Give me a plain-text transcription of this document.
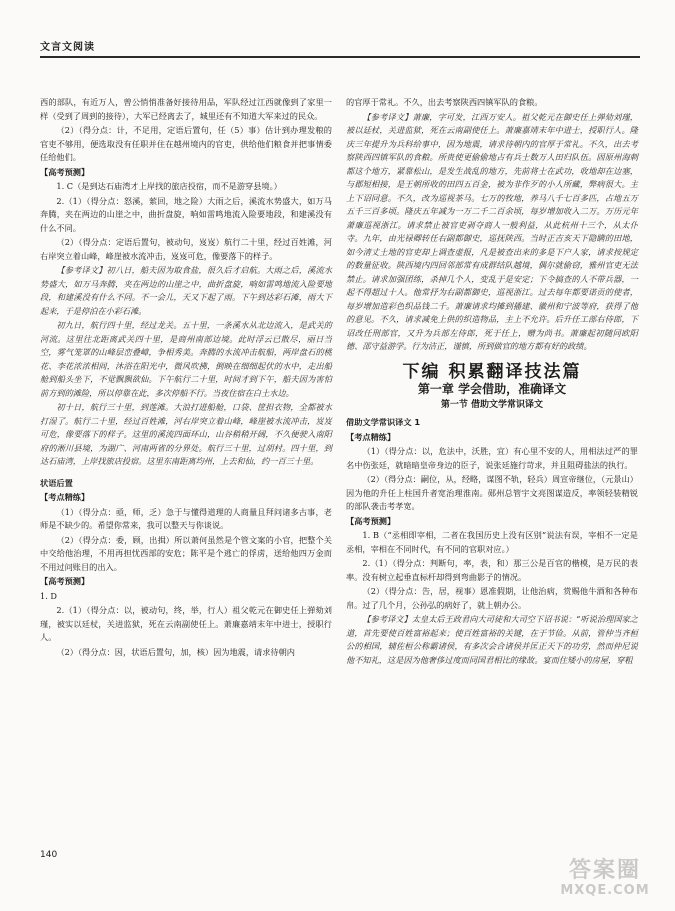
文言文阅读

西的部队，有近万人，曾公悄悄准备好接待用品，军队经过江西就像到了家里一样（受到了周到的接待），大军已经离去了，城里还有不知道大军来过的民众。

（2）（得分点：计，不足用，定语后置句，任（5）事）估计到办理发粮的官吏不够用，便选取没有任职并住在越州境内的官吏，供给他们粮食并把事情委任给他们。

【高考预测】

1. C（是到达石庙湾才上岸找的旅店投宿，而不是游穿县境。）

2.（1）（得分点：怒溪，萦回，地之险）大雨之后，溪流水势盛大，如万马奔腾，夹在两边的山崖之中，曲折盘旋，响如雷鸣地流入险要地段，和建溪没有什么不同。

（2）（得分点：定语后置句，被动句，岌岌）航行二十里，经过百姓滩，河右岸突立着山峰，峰崖被水流冲击，岌岌可危，像要落下的样子。

【参考译文】初八日，船夫因为取食盐，很久后才启航。大雨之后，溪流水势盛大，如万马奔腾，夹在两边的山崖之中，曲折盘旋，响如雷鸣地流入险要地段，和建溪没有什么不同。不一会儿，天又下起了雨。下午到达彩石滩，雨大下起来，于是停泊在小彩石滩。

初九日，航行四十里，经过龙关。五十里，一条溪水从北边流入，是武关的河流。这里往北距离武关四十里，是商州南部边境。此时浮云已散尽，丽日当空，雾气笼罩的山峰层峦叠嶂，争相秀美。奔腾的水流冲击航船，两岸盘石的桃花、李花浓浓相间，沐浴在阳光中，微风吹拂，倒映在细细起伏的水中，走出船舱到船头坐下，不觉飘飘欲仙。下午航行二十里，时间才到下午，船夫因为害怕前方到的滩险，所以停靠在此，多次停船不行。当夜住宿在白土水边。

初十日，航行三十里，到莲滩。大浪打进船舱，口袋、筐担衣物，全都被水打湿了。航行二十里，经过百姓滩，河右岸突立着山峰，峰崖被水流冲击，岌岌可危，像要落下的样子。这里的溪流四面环山，山谷稍稍开阔，不久便驶入南阳府的淅川县境，为湖广、河南两省的分界处。航行三十里，过胡村。四十里，到达石庙湾，上岸找旅店投宿。这里东南距离均州，上去和仙，约一百三十里。

状语后置

【考点精练】

（1）（得分点：亟，师，乏）急于与懂得道理的人商量且拜问诸多古事，老师是不缺少的。希望你常来，我可以整天与你谈说。

（2）（得分点：委，顾，出揖）所以萧何虽然是个管文案的小官，把整个关中交给他治理，不用再担忧西部的安危；陈平是个逃亡的俘虏，送给他四万金而不用过问账目的出入。

【高考预测】

1. D

2.（1）（得分点：以，被动句，终，举，行人）祖父乾元在御史任上弹劾刘瑾，被实以廷杖，关进监狱，死在云南副使任上。萧廉嘉靖末年中进士，授职行人。

（2）（得分点：因，状语后置句，加，核）因为地震，请求待朝内

的官厚于常礼。不久，出去考察陕西四镇军队的食粮。

【参考译文】萧廉，字可发，江西万安人。祖父乾元在御史任上弹劾刘瑾，被以廷杖，关进监狱，死在云南副使任上。萧廉嘉靖末年中进士，授职行人。隆庆三年提升为兵科给事中，因为地震，请求待朝内的官厚于常礼。不久，出去考察陕西四镇军队的食粮。所贵使更偷偷地占有兵士数万人田归队伍。固原州海刺都这个地方，紧靠松山，是发生战乱的地方，先前将士在武功，收地却在边塞，与郡短相接，是王朝所收的田四五百金，被为非作歹的小人所藏，弊病很大。主上下诏同意。不久，改为巡视茶马。七万的牧地，养马八千七百多匹，占地五万五千三百多顷。隆庆五年减为一万二千二百余顷，每岁增加收入二万。万历元年萧廉巡视浙江。请求禁止被官吏剥夺商人一般利益，从此杭州十三个，从太仆寺。九年，由光禄卿转任右副都御史，巡抚陕西。当时正吉亥天下隐瞒的田地，如今清丈土地的官吏却上调查虚报，凡是被查出来的多是下户人家，请求按规定的数量征收。陕西境内四回邻部常有成群结队越境，偶尔就偷窃，雅州官吏无法禁止。请求加强团练，杀掉几个人，变乱于是安定；下令搞查的人不带兵器，一起不得超过十人。他常抒为右副都御史，巡视浙江。过去每年都要诺贡的使者，每岁增加造彩色织品钱二千。萧廉请求均摊到播建、徽州和宁波等府，获得了他的意见。不久，请求减免上供的织造物品，主上不允许。后升任工部右侍郎，下诏改任刑部官，又升为兵部左侍郎，死于任上，赠为尚书。萧廉起初随同欧阳德、邵守益游学。行为洁正，谨慎，所到做官的地方都有好的政绩。

下编 积累翻译技法篇
第一章 学会借助，准确译文
第一节 借助文学常识译文

借助文学常识译文 1

【考点精练】

（1）（得分点：以，危法中，沃胜，宜）有心里不安的人，用相法过严的罪名中伤张廷，就暗暗皇帝身边的臣子，说张廷施行苛求，并且阻碍盐法的执行。

（2）（得分点：嗣位，从，经略，谋图不轨，轻兵）周宣帝继位，（元景山）因为他的升任上柱国升者宽治理淮南。郧州总管宇文亮图谋造反，率领轻装精锐的部队袭击考孝宽。

【高考预测】

1. B（“丞相即宰相，二者在我国历史上没有区别”说法有误，宰相不一定是丞相，宰相在不同时代，有不同的官职对应。）

2.（1）（得分点：判断句，率，表，和）那三公是百官的楷模，是万民的表率。没有树立起垂直标杆却得到弯曲影子的情况。

（2）（得分点：告，居，视事）恩准假期，让他治病，赏赐他牛酒和各种布帛。过了几个月，公孙弘的病好了，就上朝办公。

【参考译文】太皇太后王政君向大司徒和大司空下诏书说：“听说治理国家之道，首先要使百姓富裕起来；使百姓富裕的关键，在于节俭。从前，管仲当齐桓公的相国，辅佐桓公称霸诸侯，有多次会合诸侯并匡正天下的功劳，然而仲尼说他不知礼，这是因为他奢侈过度而同国君相比的缘故。宴而住矮小的房屋，穿粗

140
答案圈
MXQE.COM
